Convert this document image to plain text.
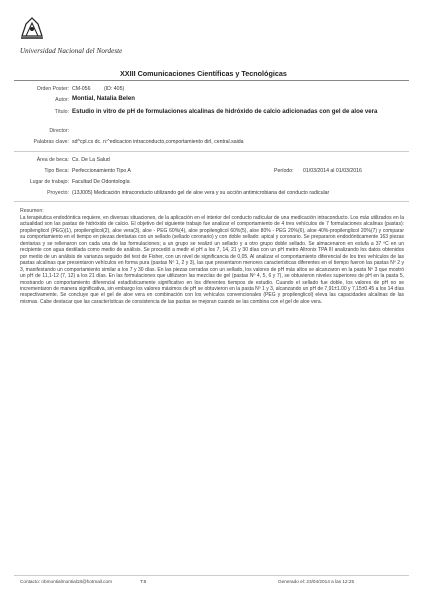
Universidad Nacional del Nordeste
XXIII Comunicaciones Científicas y Tecnológicas
Orden Poster: CM-056	(ID: 405)
Autor: Montial, Natalia Belen
Título: Estudio in vitro de pH de formulaciones alcalinas de hidróxido de calcio adicionadas con gel de aloe vera
Director:
Palabras clave: sd^cpl.cs dc. n:^edicacion intraconducto,comportamiento dirl, central.saida
Área de beca: Cs. De La Salud
Tipo Beca: Perfeccionamiento Tipo A	Período: 01/03/2014 al 01/03/2016
Lugar de trabajo: Facultad De Odontología
Proyecto: (13J005) Medicación intraconducto utilizando gel de aloe vera y su acción antimicrobiana del conducto radicular
Resumen:
La terapéutica endodóntica requiere, en diversas situaciones, de la aplicación en el interior del conducto radicular de una medicación intraconducto. Los más utilizados en la actualidad son las pastas de hidróxido de calcio. El objetivo del siguiente trabajo fue analizar el comportamiento de 4 tres vehículos de 7 formulaciones alcalinas (pastas): propilenglicol (PEG)(1), propilenglicol(2), aloe vera(3), aloe - PEG 60%(4), aloe propilenglicol 60%(5), aloe 80% - PEG 20%(6), aloe 40%-propilenglicol 20%(7) y comparar su comportamiento en el tiempo en piezas dentarias con un sellado (sellado coronario) y con doble sellado: apical y coronario. Se prepararon endodónticamente 163 piezas dentarias y se rellenaron con cada una de las formulaciones; a un grupo se realizó un sellado y a otro grupo doble sellado. Se almacenaron en estufa a 37 ºC en un recipiente con agua destilada como medio de análisis. Se procedió a medir el pH a los 7, 14, 21 y 30 días con un pH metro Altronix TPA III analizando los datos obtenidos por medio de un análisis de varianza seguido del test de Fisher, con un nivel de significancia de 0,05. Al analizar el comportamiento diferencial de los tres vehículos de las pastas alcalinas que presentaron vehículos en forma pura (pastas Nº 1, 2 y 3), las que presentaron menores características diferentes en el tiempo fueron las pastas Nº 2 y 3, manifestando un comportamiento similar a los 7 y 30 días. En las piezas cerradas con un sellado, los valores de pH más altos se alcanzaron en la pasta Nº 3 que mostró un pH de 11,1-12 (7, 12) a los 21 días. En las formulaciones que utilizaron las mezclas de gel (pastas Nº 4, 5, 6 y 7), se obtuvieron niveles superiores de pH en la pasta 5, mostrando un comportamiento diferencial estadísticamente significativo en los diferentes tiempos de estudio. Cuando el sellado fue doble, los valores de pH no se incrementaron de manera significativa, sin embargo los valores máximos de pH se obtuvieron en la pasta Nº 1 y 3, alcanzando un pH de 7,91±1.00 y 7,15±0.45 a los 14 días respectivamente. Se concluye que el gel de aloe vera en combinación con los vehículos convencionales (PEG y propilenglicol) eleva las capacidades alcalinas de las mismas. Cabe destacar que las características de consistencia de las pastas se mejoran cuando se las combina con el gel de aloe vera.
Contacto: nbmontialmontial18@hotmail.com	T:8	Generado el: 23/04/2014 a las 12:25
